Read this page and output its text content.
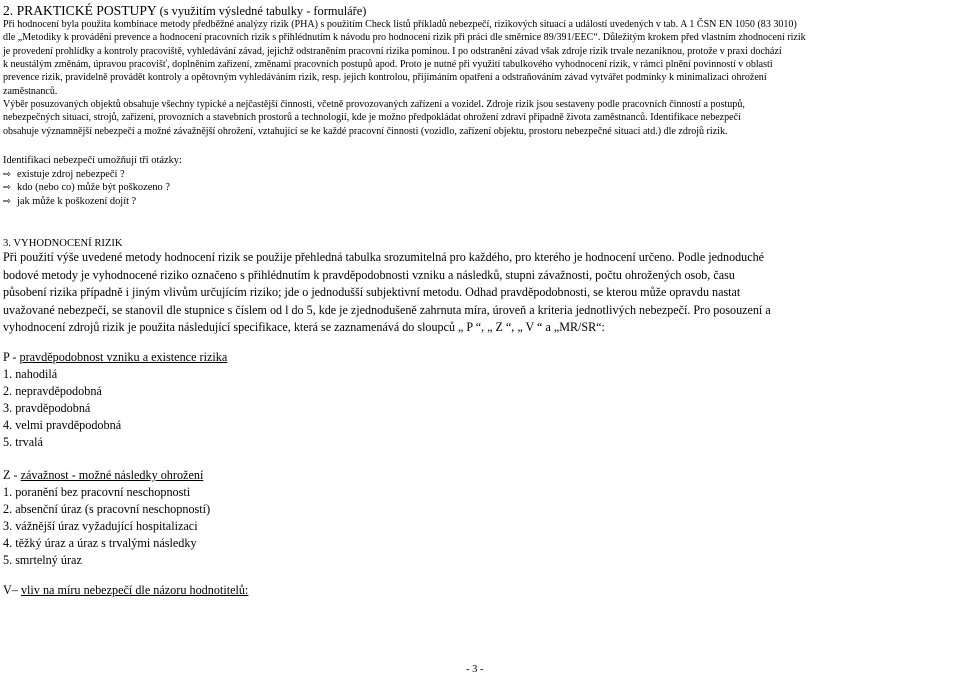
2. PRAKTICKÉ POSTUPY (s využitím výsledné tabulky - formuláře)

Při hodnocení byla použita kombinace metody předběžné analýzy rizik (PHA) s použitím Check listů příkladů nebezpečí, rizikových situací a událostí uvedených v tab. A 1 ČSN EN 1050 (83 3010)

dle „Metodiky k provádění prevence a hodnocení pracovních rizik s přihlédnutím k návodu pro hodnocení rizik při práci dle směrnice 89/391/EEC“. Důležitým krokem před vlastním zhodnocení rizik

je provedení prohlídky a kontroly pracoviště, vyhledávání závad, jejichž odstraněním pracovní rizika pominou. I po odstranění závad však zdroje rizik trvale nezaniknou, protože v praxi dochází

k neustálým změnám, úpravou pracovišť, doplněním zařízení, změnami pracovních postupů apod. Proto je nutné při využití tabulkového vyhodnocení rizik, v rámci plnění povinností v oblasti

prevence rizik, pravidelně provádět kontroly a opětovným vyhledáváním rizik, resp. jejich kontrolou, přijímáním opatření a odstraňováním závad vytvářet podmínky k minimalizaci ohrožení

zaměstnanců.

Výběr posuzovaných objektů obsahuje všechny typické a nejčastější činnosti, včetně provozovaných zařízení a vozidel. Zdroje rizik jsou sestaveny podle pracovních činností a postupů,

nebezpečných situací, strojů, zařízení, provozních a stavebních prostorů a technologií, kde je možno předpokládat ohrožení zdraví případně života zaměstnanců. Identifikace nebezpečí

obsahuje významnější nebezpečí a možné závažnější ohrožení, vztahující se ke každé pracovní činnosti (vozidlo, zařízení objektu, prostoru nebezpečné situaci atd.) dle zdrojů rizik.

Identifikaci nebezpečí umožňují tři otázky:
⇨ existuje zdroj nebezpečí ?
⇨ kdo (nebo co) může být poškozeno ?
⇨ jak může k poškození dojít ?
3. VYHODNOCENÍ RIZIK

Při použití výše uvedené metody hodnocení rizik se použije přehledná tabulka srozumitelná pro každého, pro kterého je hodnocení určeno. Podle jednoduché

bodové metody je vyhodnocené riziko označeno s přihlédnutím k pravděpodobnosti vzniku a následků, stupni závažnosti, počtu ohrožených osob, času

působení rizika případně i jiným vlivům určujícím riziko; jde o jednodušší subjektivní metodu. Odhad pravděpodobnosti, se kterou může opravdu nastat

uvažované nebezpečí, se stanovil dle stupnice s číslem od l do 5, kde je zjednodušeně zahrnuta míra, úroveň a kriteria jednotlivých nebezpečí. Pro posouzení a

vyhodnocení zdrojů rizik je použita následující specifikace, která se zaznamenává do sloupců „ P “, „ Z “, „ V “ a „MR/SR“:

P - pravděpodobnost vzniku a existence rizika
1. nahodilá
2. nepravděpodobná
3. pravděpodobná
4. velmi pravděpodobná
5. trvalá
Z - závažnost - možné následky ohrožení
1. poranění bez pracovní neschopnosti
2. absenční úraz (s pracovní neschopností)
3. vážnější úraz vyžadující hospitalizaci
4. těžký úraz a úraz s trvalými následky
5. smrtelný úraz
V– vliv na míru nebezpečí dle názoru hodnotitelů:
- 3 -
